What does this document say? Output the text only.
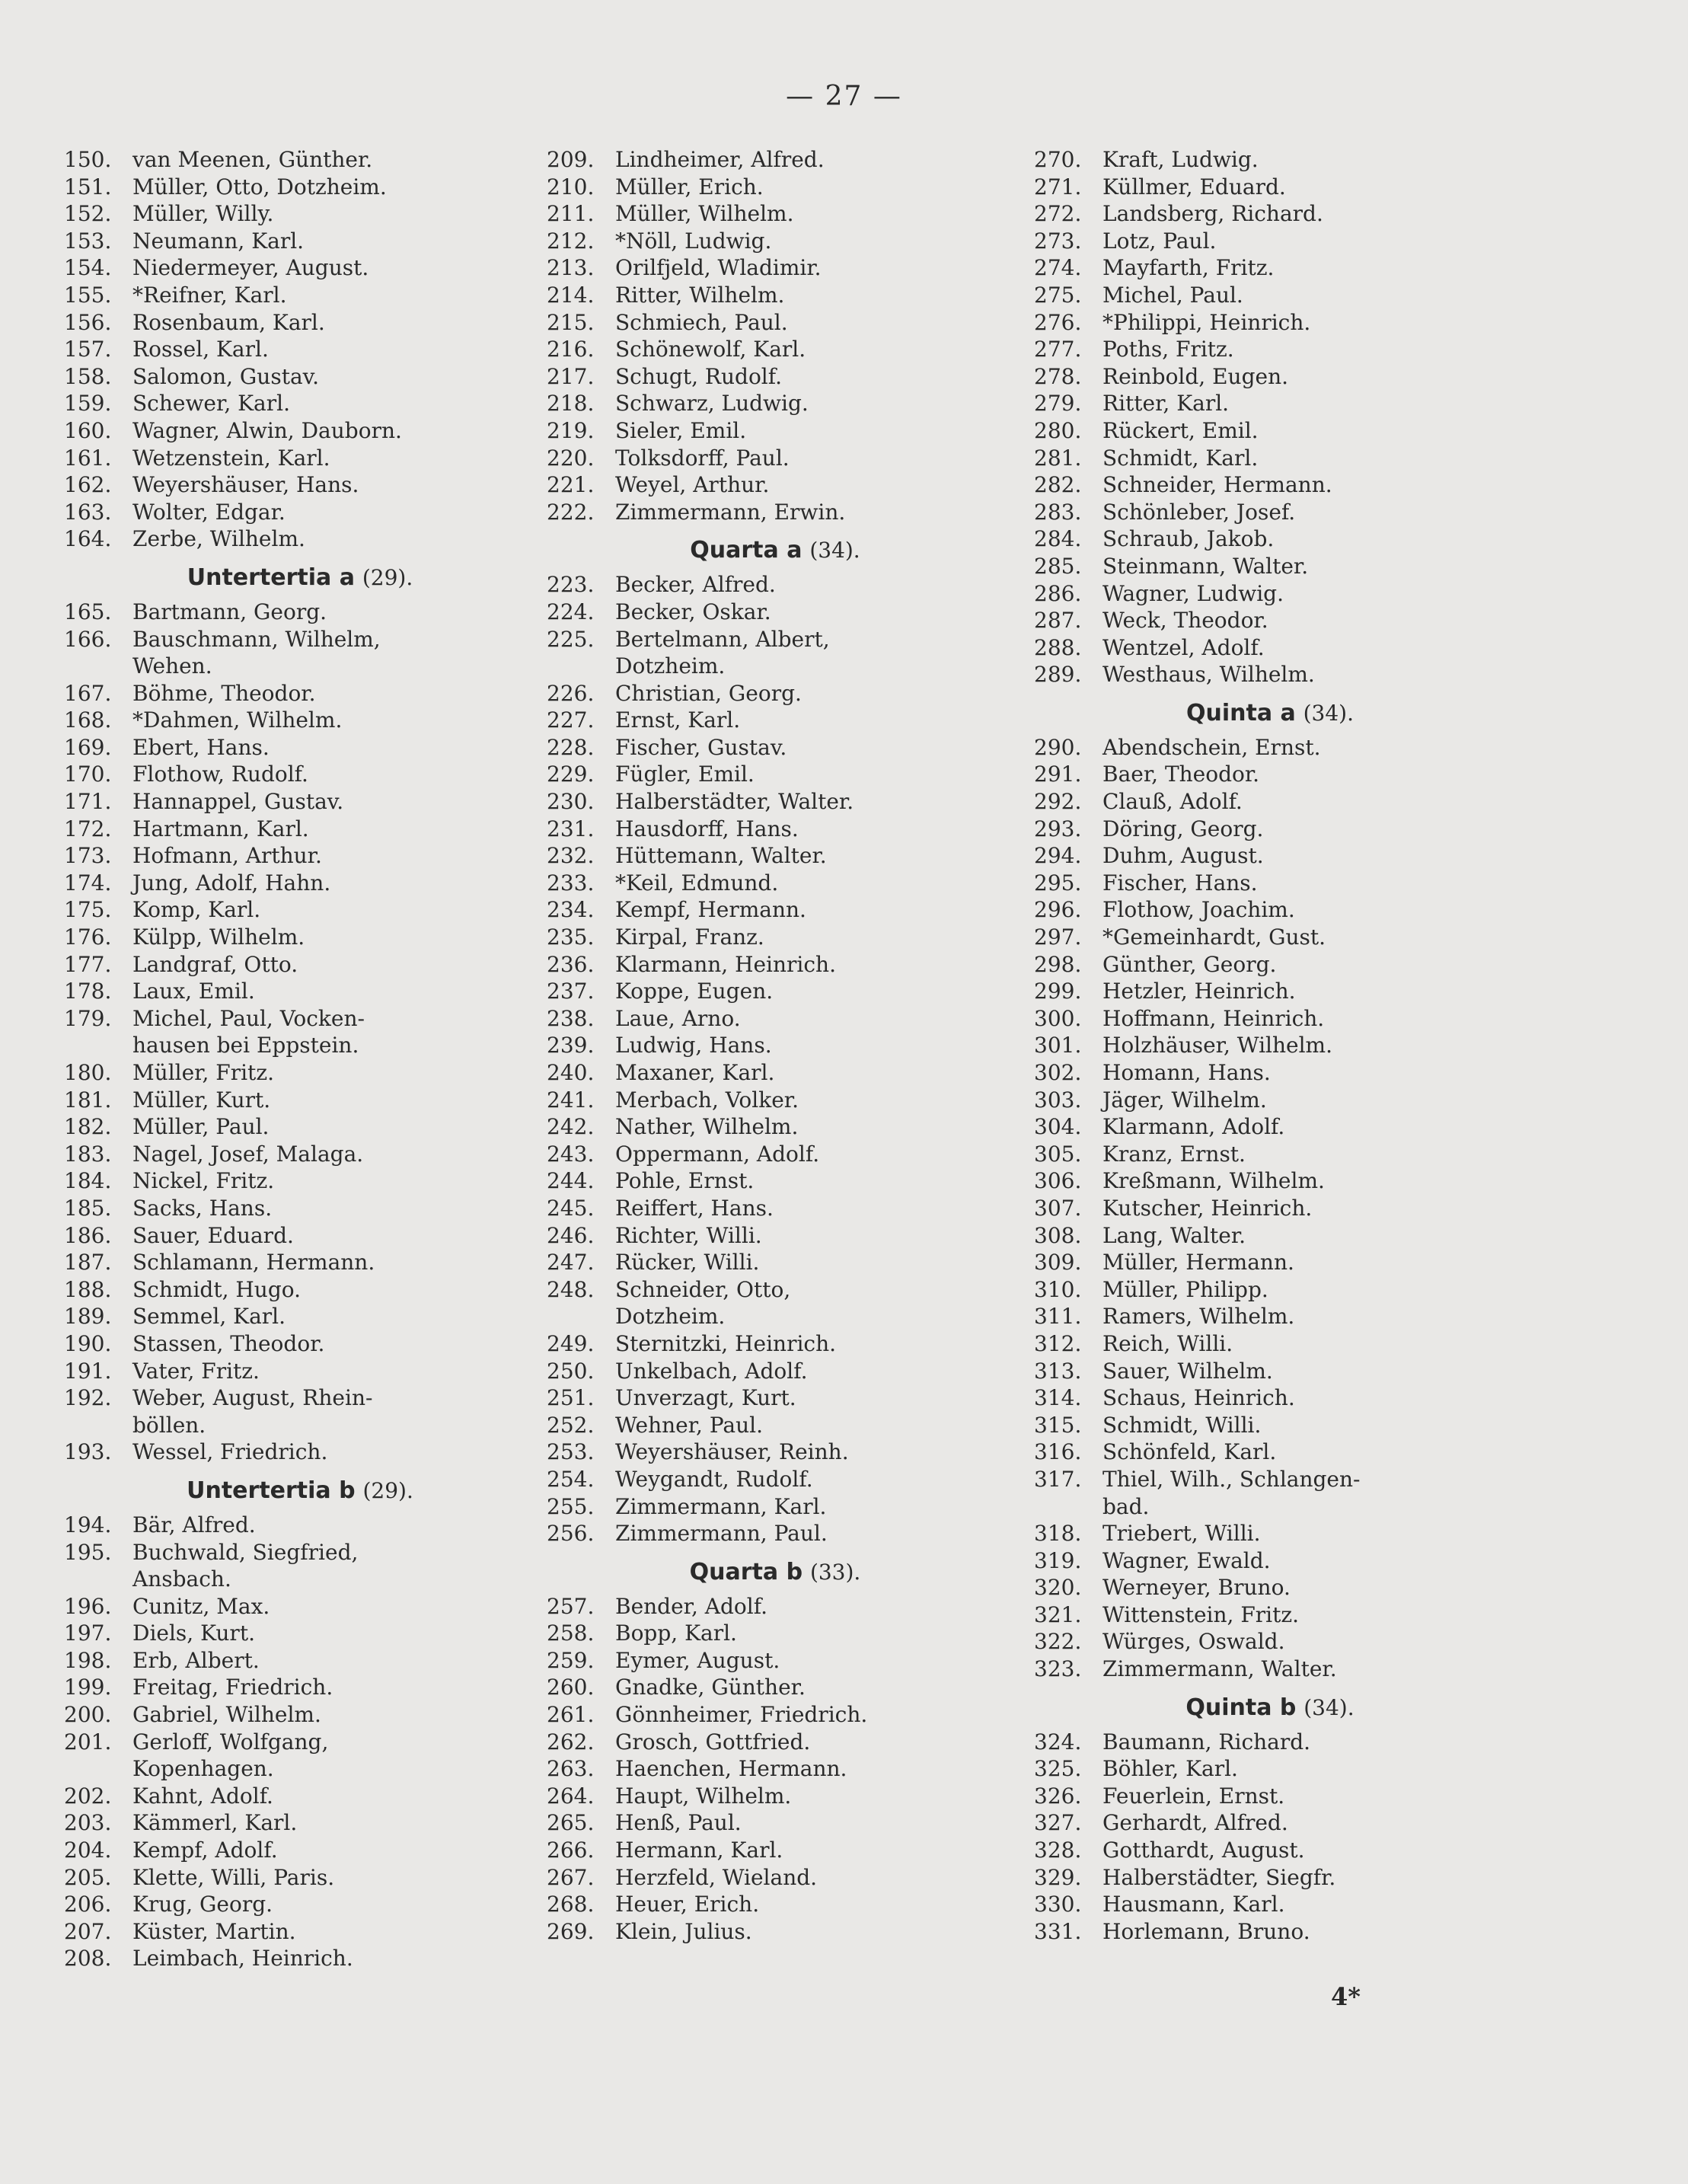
— 27 —
150. van Meenen, Günther.
151. Müller, Otto, Dotzheim.
152. Müller, Willy.
153. Neumann, Karl.
154. Niedermeyer, August.
155. *Reifner, Karl.
156. Rosenbaum, Karl.
157. Rossel, Karl.
158. Salomon, Gustav.
159. Schewer, Karl.
160. Wagner, Alwin, Dauborn.
161. Wetzenstein, Karl.
162. Weyershäuser, Hans.
163. Wolter, Edgar.
164. Zerbe, Wilhelm.
Untertertia a (29).
165. Bartmann, Georg.
166. Bauschmann, Wilhelm,
Wehen.
167. Böhme, Theodor.
168. *Dahmen, Wilhelm.
169. Ebert, Hans.
170. Flothow, Rudolf.
171. Hannappel, Gustav.
172. Hartmann, Karl.
173. Hofmann, Arthur.
174. Jung, Adolf, Hahn.
175. Komp, Karl.
176. Külpp, Wilhelm.
177. Landgraf, Otto.
178. Laux, Emil.
179. Michel, Paul, Vocken-
hausen bei Eppstein.
180. Müller, Fritz.
181. Müller, Kurt.
182. Müller, Paul.
183. Nagel, Josef, Malaga.
184. Nickel, Fritz.
185. Sacks, Hans.
186. Sauer, Eduard.
187. Schlamann, Hermann.
188. Schmidt, Hugo.
189. Semmel, Karl.
190. Stassen, Theodor.
191. Vater, Fritz.
192. Weber, August, Rhein-
böllen.
193. Wessel, Friedrich.
Untertertia b (29).
194. Bär, Alfred.
195. Buchwald, Siegfried,
Ansbach.
196. Cunitz, Max.
197. Diels, Kurt.
198. Erb, Albert.
199. Freitag, Friedrich.
200. Gabriel, Wilhelm.
201. Gerloff, Wolfgang,
Kopenhagen.
202. Kahnt, Adolf.
203. Kämmerl, Karl.
204. Kempf, Adolf.
205. Klette, Willi, Paris.
206. Krug, Georg.
207. Küster, Martin.
208. Leimbach, Heinrich.
209. Lindheimer, Alfred.
210. Müller, Erich.
211. Müller, Wilhelm.
212. *Nöll, Ludwig.
213. Orilfjeld, Wladimir.
214. Ritter, Wilhelm.
215. Schmiech, Paul.
216. Schönewolf, Karl.
217. Schugt, Rudolf.
218. Schwarz, Ludwig.
219. Sieler, Emil.
220. Tolksdorff, Paul.
221. Weyel, Arthur.
222. Zimmermann, Erwin.
Quarta a (34).
223. Becker, Alfred.
224. Becker, Oskar.
225. Bertelmann, Albert,
Dotzheim.
226. Christian, Georg.
227. Ernst, Karl.
228. Fischer, Gustav.
229. Fügler, Emil.
230. Halberstädter, Walter.
231. Hausdorff, Hans.
232. Hüttemann, Walter.
233. *Keil, Edmund.
234. Kempf, Hermann.
235. Kirpal, Franz.
236. Klarmann, Heinrich.
237. Koppe, Eugen.
238. Laue, Arno.
239. Ludwig, Hans.
240. Maxaner, Karl.
241. Merbach, Volker.
242. Nather, Wilhelm.
243. Oppermann, Adolf.
244. Pohle, Ernst.
245. Reiffert, Hans.
246. Richter, Willi.
247. Rücker, Willi.
248. Schneider, Otto,
Dotzheim.
249. Sternitzki, Heinrich.
250. Unkelbach, Adolf.
251. Unverzagt, Kurt.
252. Wehner, Paul.
253. Weyershäuser, Reinh.
254. Weygandt, Rudolf.
255. Zimmermann, Karl.
256. Zimmermann, Paul.
Quarta b (33).
257. Bender, Adolf.
258. Bopp, Karl.
259. Eymer, August.
260. Gnadke, Günther.
261. Gönnheimer, Friedrich.
262. Grosch, Gottfried.
263. Haenchen, Hermann.
264. Haupt, Wilhelm.
265. Henß, Paul.
266. Hermann, Karl.
267. Herzfeld, Wieland.
268. Heuer, Erich.
269. Klein, Julius.
270. Kraft, Ludwig.
271. Küllmer, Eduard.
272. Landsberg, Richard.
273. Lotz, Paul.
274. Mayfarth, Fritz.
275. Michel, Paul.
276. *Philippi, Heinrich.
277. Poths, Fritz.
278. Reinbold, Eugen.
279. Ritter, Karl.
280. Rückert, Emil.
281. Schmidt, Karl.
282. Schneider, Hermann.
283. Schönleber, Josef.
284. Schraub, Jakob.
285. Steinmann, Walter.
286. Wagner, Ludwig.
287. Weck, Theodor.
288. Wentzel, Adolf.
289. Westhaus, Wilhelm.
Quinta a (34).
290. Abendschein, Ernst.
291. Baer, Theodor.
292. Clauß, Adolf.
293. Döring, Georg.
294. Duhm, August.
295. Fischer, Hans.
296. Flothow, Joachim.
297. *Gemeinhardt, Gust.
298. Günther, Georg.
299. Hetzler, Heinrich.
300. Hoffmann, Heinrich.
301. Holzhäuser, Wilhelm.
302. Homann, Hans.
303. Jäger, Wilhelm.
304. Klarmann, Adolf.
305. Kranz, Ernst.
306. Kreßmann, Wilhelm.
307. Kutscher, Heinrich.
308. Lang, Walter.
309. Müller, Hermann.
310. Müller, Philipp.
311. Ramers, Wilhelm.
312. Reich, Willi.
313. Sauer, Wilhelm.
314. Schaus, Heinrich.
315. Schmidt, Willi.
316. Schönfeld, Karl.
317. Thiel, Wilh., Schlangen-
bad.
318. Triebert, Willi.
319. Wagner, Ewald.
320. Werneyer, Bruno.
321. Wittenstein, Fritz.
322. Würges, Oswald.
323. Zimmermann, Walter.
Quinta b (34).
324. Baumann, Richard.
325. Böhler, Karl.
326. Feuerlein, Ernst.
327. Gerhardt, Alfred.
328. Gotthardt, August.
329. Halberstädter, Siegfr.
330. Hausmann, Karl.
331. Horlemann, Bruno.
4*
